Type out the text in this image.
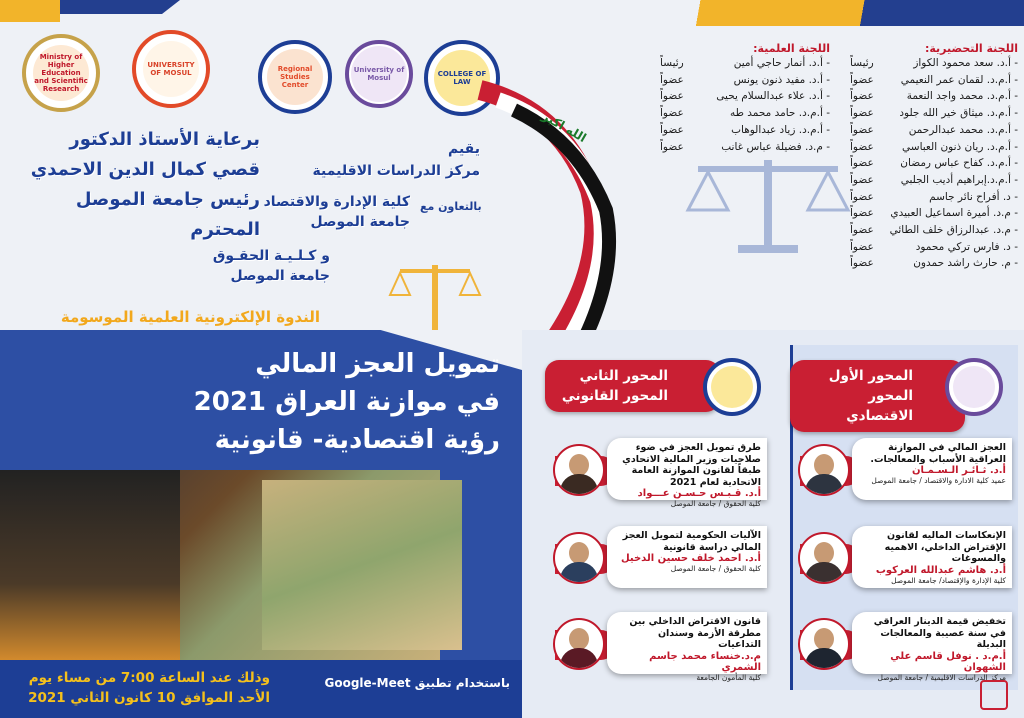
Ministry of Higher Education and Scientific Research
UNIVERSITY OF MOSUL	Regional Studies Center
University of Mosul	COLLEGE OF LAW
الله اكبر
برعاية الأستاذ الدكتور
قصي كمال الدين الاحمدي
رئيس جامعة الموصل المحترم
يقيم
مركز الدراسات الاقليمية
بالتعاون مع
كلية الإدارة والاقتصاد
جامعة الموصل
و كـلـيـة الحقـوق
جامعة الموصل
اللجنة التحضيرية:
- أ.د. سعد محمود الكواز
رئيساً
- أ.م.د. لقمان عمر النعيمي
عضواً
- أ.م.د. محمد واجد النعمة
عضواً
- أ.م.د. ميثاق خير الله جلود
عضواً
- أ.م.د. محمد عبدالرحمن
عضواً
- أ.م.د. ريان ذنون العباسي
عضواً
- أ.م.د. كفاح عباس رمضان
عضواً
- أ.م.د.إبراهيم أديب الجلبي
عضواً
- د. أفراح نائر جاسم
عضواً
- م.د. أميرة اسماعيل العبيدي
عضواً
- م.د. عبدالرزاق خلف الطائي
عضواً
- د. فارس تركي محمود
عضواً
- م. حارث راشد حمدون
عضواً
اللجنة العلمية:
- أ.د. أنمار حاجي أمين
رئيساً
- أ.د. مفيد ذنون يونس
عضواً
- أ.د. علاء عبدالسلام يحيى
عضواً
- أ.م.د. حامد محمد طه
عضواً
- أ.م.د. زياد عبدالوهاب
عضواً
- م.د. فضيلة عباس غانب
عضواً
الندوة الإلكترونية العلمية الموسومة
تمويل العجز المالي
في موازنة العراق 2021
رؤية اقتصادية- قانونية
وذلك عند الساعة 7:00 من مساء يوم
الأحد الموافق 10 كانون الثاني 2021
باستخدام تطبيق Google-Meet
المحور الأول
المحور الاقتصادي
المحور الثاني
المحور القانوني
العجز المالي في الموازنة العراقية الأسباب والمعالجات.
أ.د. ثـائـر الـسـمـان
عميد كلية الادارة والاقتصاد / جامعة الموصل
الإنعكاسات الماليه لقانون الإقتراض الداخلي، الاهميه والمسوغات
أ.د. هاشم عبدالله العركوب
كلية الإدارة والإقتصاد/ جامعة الموصل
تخفيض قيمة الدينار العراقي في سنة عصيبة والمعالجات البديلة
أ.م.د . نوفل قاسم علي الشهوان
مركز الدراسات الاقليمية / جامعة الموصل
طرق تمويل العجز في ضوء صلاحيات وزير المالية الاتحادي طبقاً لقانون الموازنة العامة الاتحادية لعام 2021
أ.د. قـبـس حـسـن عـــواد
كلية الحقوق / جامعة الموصل
الآليات الحكومية لتمويل العجز المالي دراسة قانونية
أ.د. احمد خلف حسين الدخيل
كلية الحقوق / جامعة الموصل
قانون الاقتراض الداخلي بين مطرقة الأزمة وسندان التداعيات
م.د.خنساء محمد جاسم الشمري
كلية المأمون الجامعة
